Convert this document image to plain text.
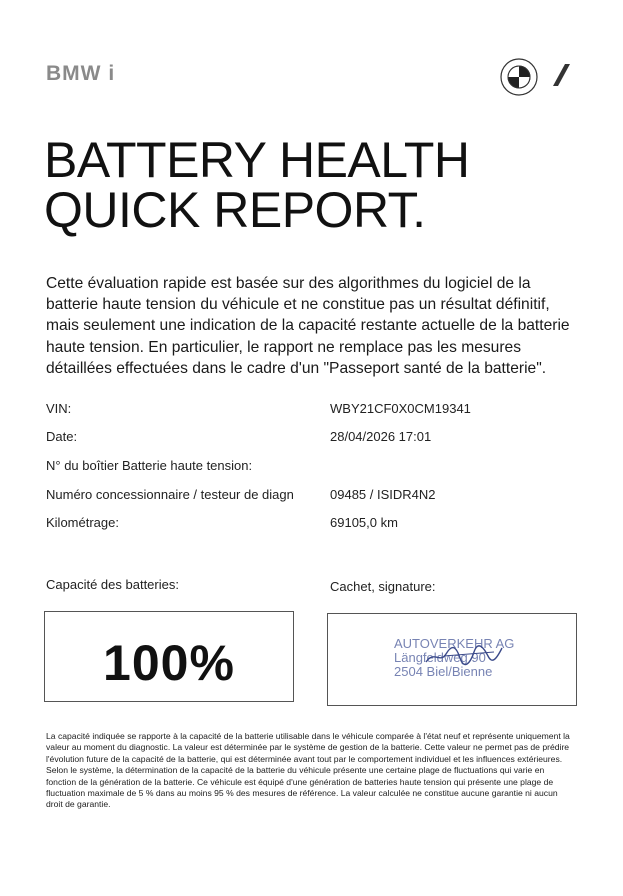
BMW i
BATTERY HEALTH
QUICK REPORT.
Cette évaluation rapide est basée sur des algorithmes du logiciel de la batterie haute tension du véhicule et ne constitue pas un résultat définitif, mais seulement une indication de la capacité restante actuelle de la batterie haute tension. En particulier, le rapport ne remplace pas les mesures détaillées effectuées dans le cadre d'un "Passeport santé de la batterie".
VIN:	WBY21CF0X0CM19341
Date:	28/04/2026 17:01
N° du boîtier Batterie haute tension:
Numéro concessionnaire / testeur de diagn	09485 / ISIDR4N2
Kilométrage:	69105,0 km
Capacité des batteries:	Cachet, signature:
100%	AUTOVERKEHR AG
Längfeldweg 90
2504 Biel/Bienne
La capacité indiquée se rapporte à la capacité de la batterie utilisable dans le véhicule comparée à l'état neuf et représente uniquement la valeur au moment du diagnostic. La valeur est déterminée par le système de gestion de la batterie. Cette valeur ne permet pas de prédire l'évolution future de la capacité de la batterie, qui est déterminée avant tout par le comportement individuel et les influences extérieures. Selon le système, la détermination de la capacité de la batterie du véhicule présente une certaine plage de fluctuations qui varie en fonction de la génération de la batterie. Ce véhicule est équipé d'une génération de batteries haute tension qui présente une plage de fluctuation maximale de 5 % dans au moins 95 % des mesures de référence. La valeur calculée ne constitue aucune garantie ni aucun droit de garantie.
